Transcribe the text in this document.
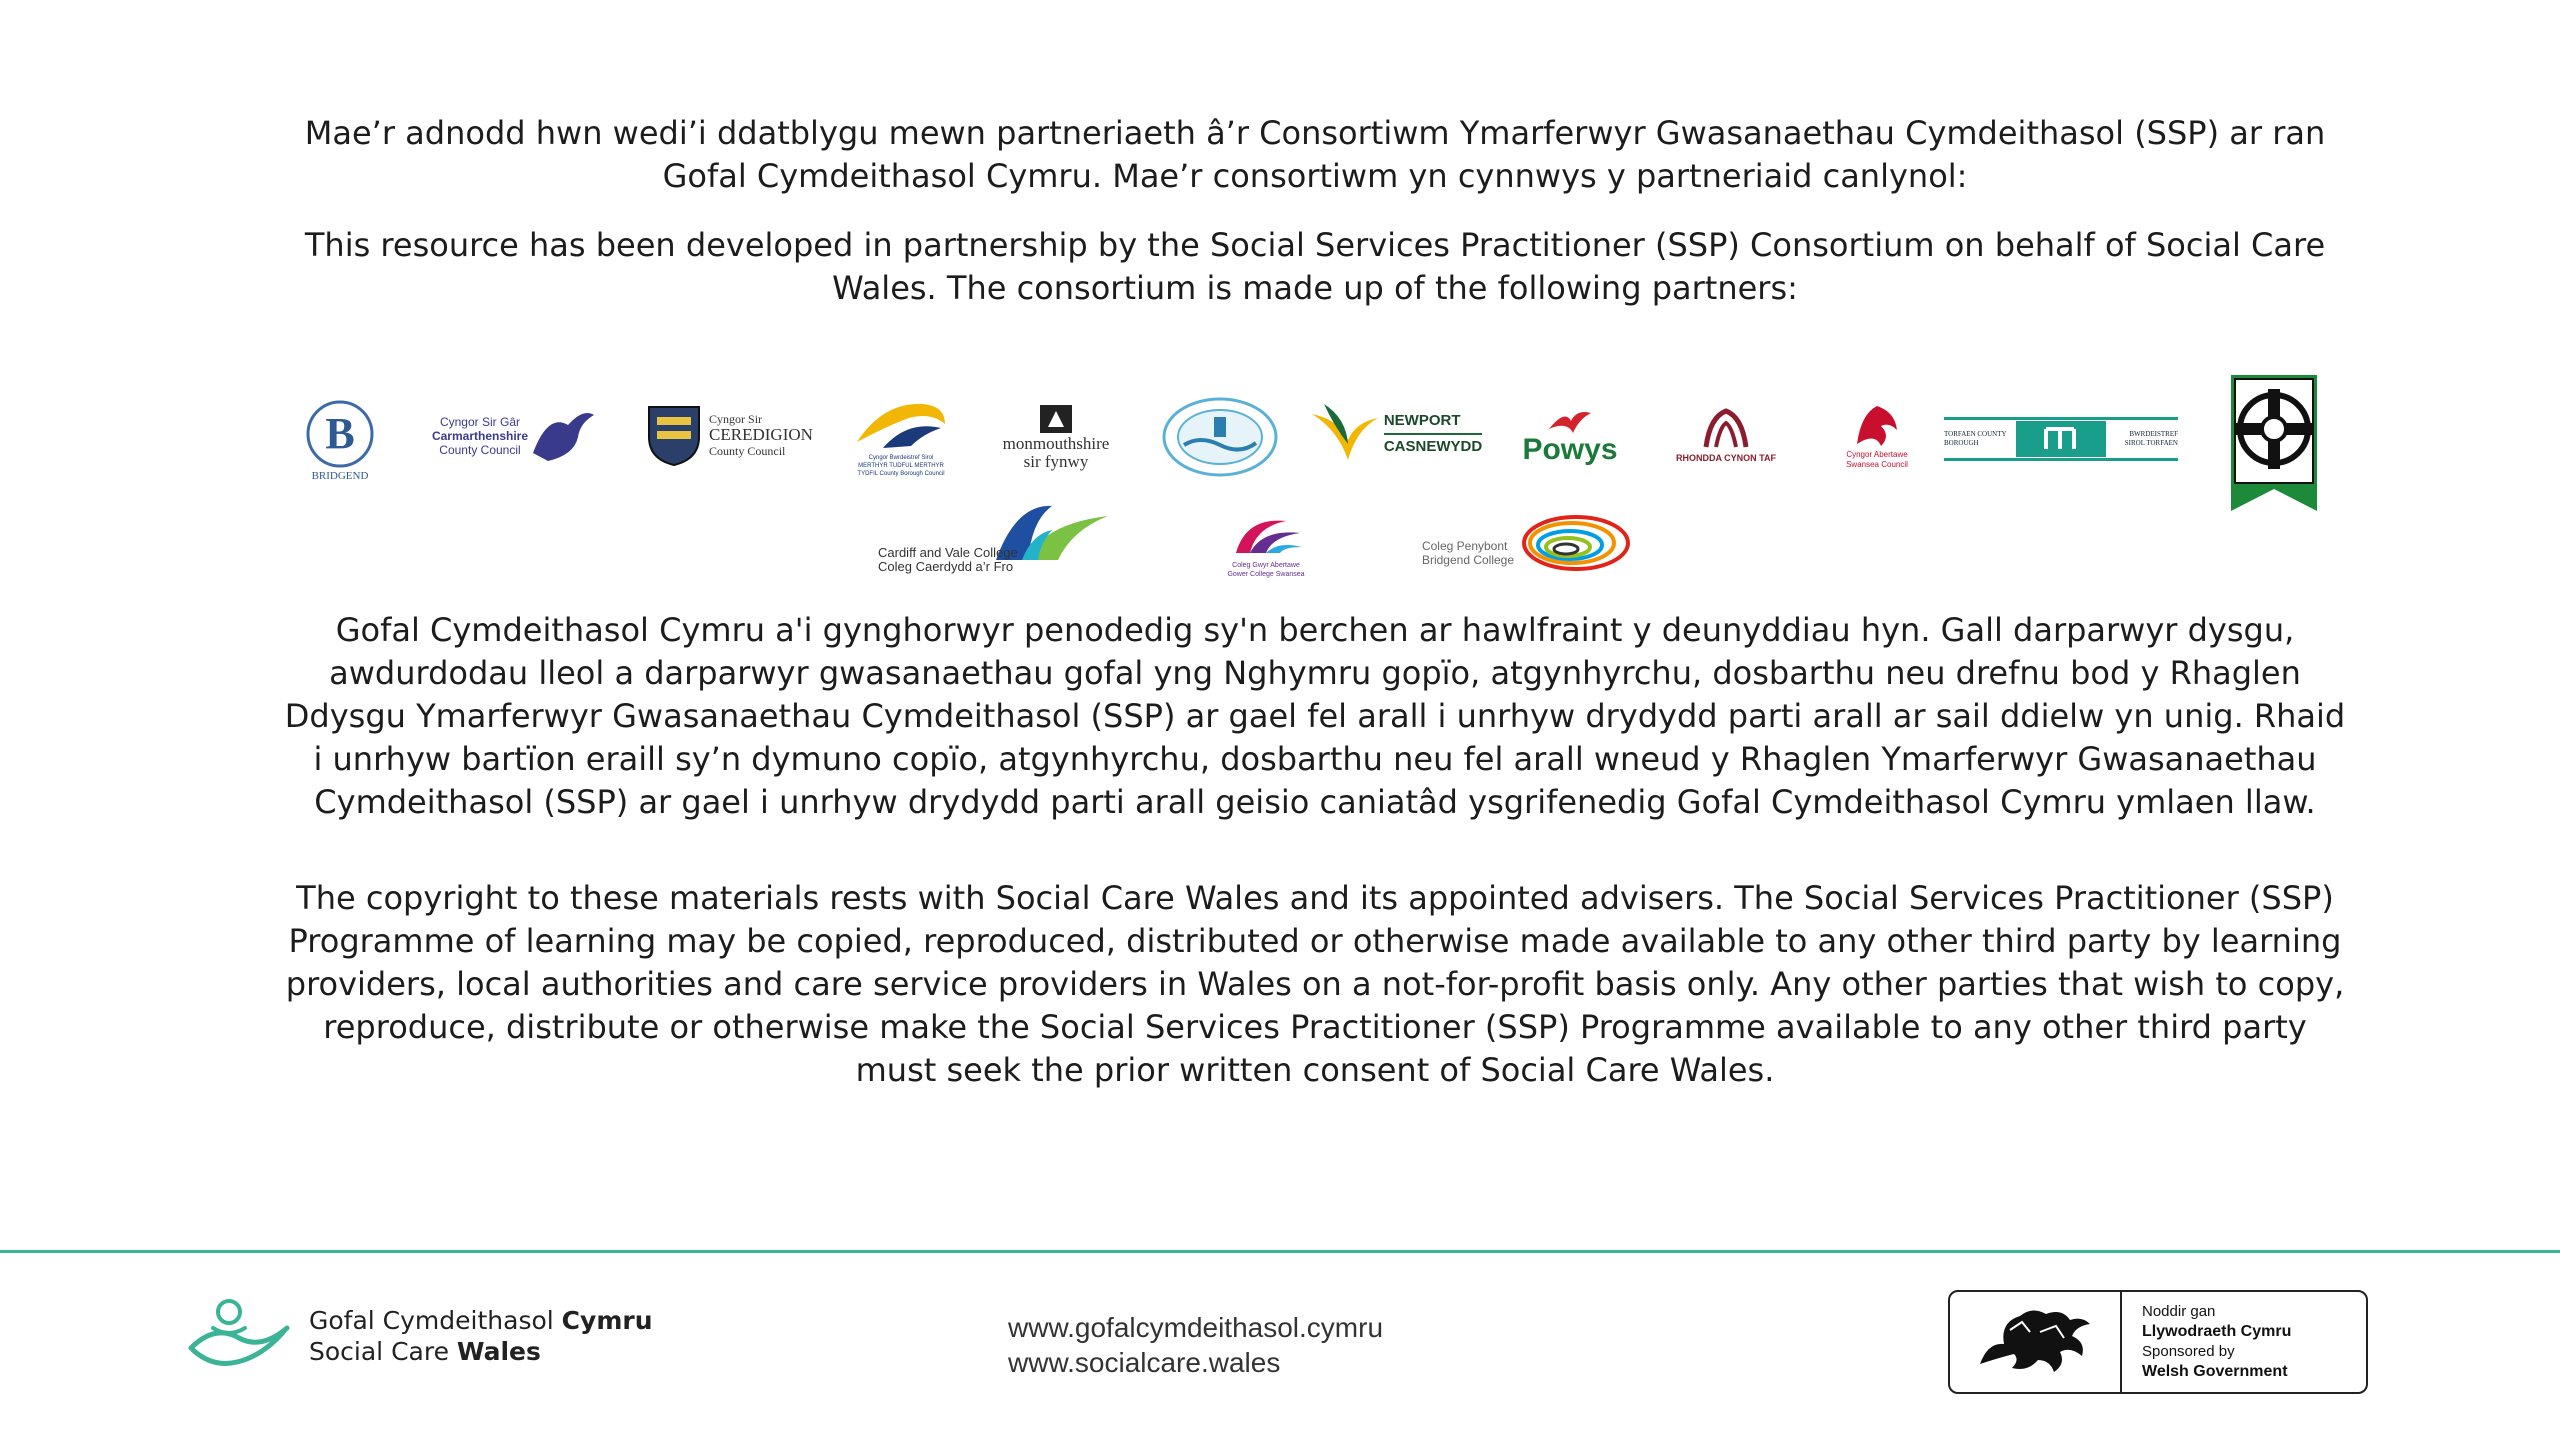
Mae’r adnodd hwn wedi’i ddatblygu mewn partneriaeth â’r Consortiwm Ymarferwyr Gwasanaethau Cymdeithasol (SSP) ar ran Gofal Cymdeithasol Cymru. Mae’r consortiwm yn cynnwys y partneriaid canlynol:

This resource has been developed in partnership by the Social Services Practitioner (SSP) Consortium on behalf of Social Care Wales. The consortium is made up of the following partners:

B
BRIDGEND
Cyngor Sir Gâr
Carmarthenshire
County Council
Cyngor Sir
CEREDIGION
County Council	Cyngor Bwrdeistref Sirol MERTHYR TUDFUL MERTHYR TYDFIL County Borough Council
monmouthshire
sir fynwy
NEWPORT
CASNEWYDD Powys	RHONDDA CYNON TAF	Cyngor Abertawe
Swansea Council
TORFAEN COUNTY BOROUGH
BWRDEISTREF SIROL TORFAEN
Cardiff and Vale College
Coleg Caerdydd a’r Fro	Coleg Gwyr Abertawe
Gower College Swansea
Coleg Penybont
Bridgend College

Gofal Cymdeithasol Cymru a'i gynghorwyr penodedig sy'n berchen ar hawlfraint y deunyddiau hyn. Gall darparwyr dysgu, awdurdodau lleol a darparwyr gwasanaethau gofal yng Nghymru gopïo, atgynhyrchu, dosbarthu neu drefnu bod y Rhaglen Ddysgu Ymarferwyr Gwasanaethau Cymdeithasol (SSP) ar gael fel arall i unrhyw drydydd parti arall ar sail ddielw yn unig. Rhaid i unrhyw bartïon eraill sy’n dymuno copïo, atgynhyrchu, dosbarthu neu fel arall wneud y Rhaglen Ymarferwyr Gwasanaethau Cymdeithasol (SSP) ar gael i unrhyw drydydd parti arall geisio caniatâd ysgrifenedig Gofal Cymdeithasol Cymru ymlaen llaw.

The copyright to these materials rests with Social Care Wales and its appointed advisers. The Social Services Practitioner (SSP) Programme of learning may be copied, reproduced, distributed or otherwise made available to any other third party by learning providers, local authorities and care service providers in Wales on a not-for-profit basis only. Any other parties that wish to copy, reproduce, distribute or otherwise make the Social Services Practitioner (SSP) Programme available to any other third party must seek the prior written consent of Social Care Wales.

Gofal Cymdeithasol Cymru
Social Care Wales
www.gofalcymdeithasol.cymru
www.socialcare.wales
Noddir gan
Llywodraeth Cymru
Sponsored by
Welsh Government
